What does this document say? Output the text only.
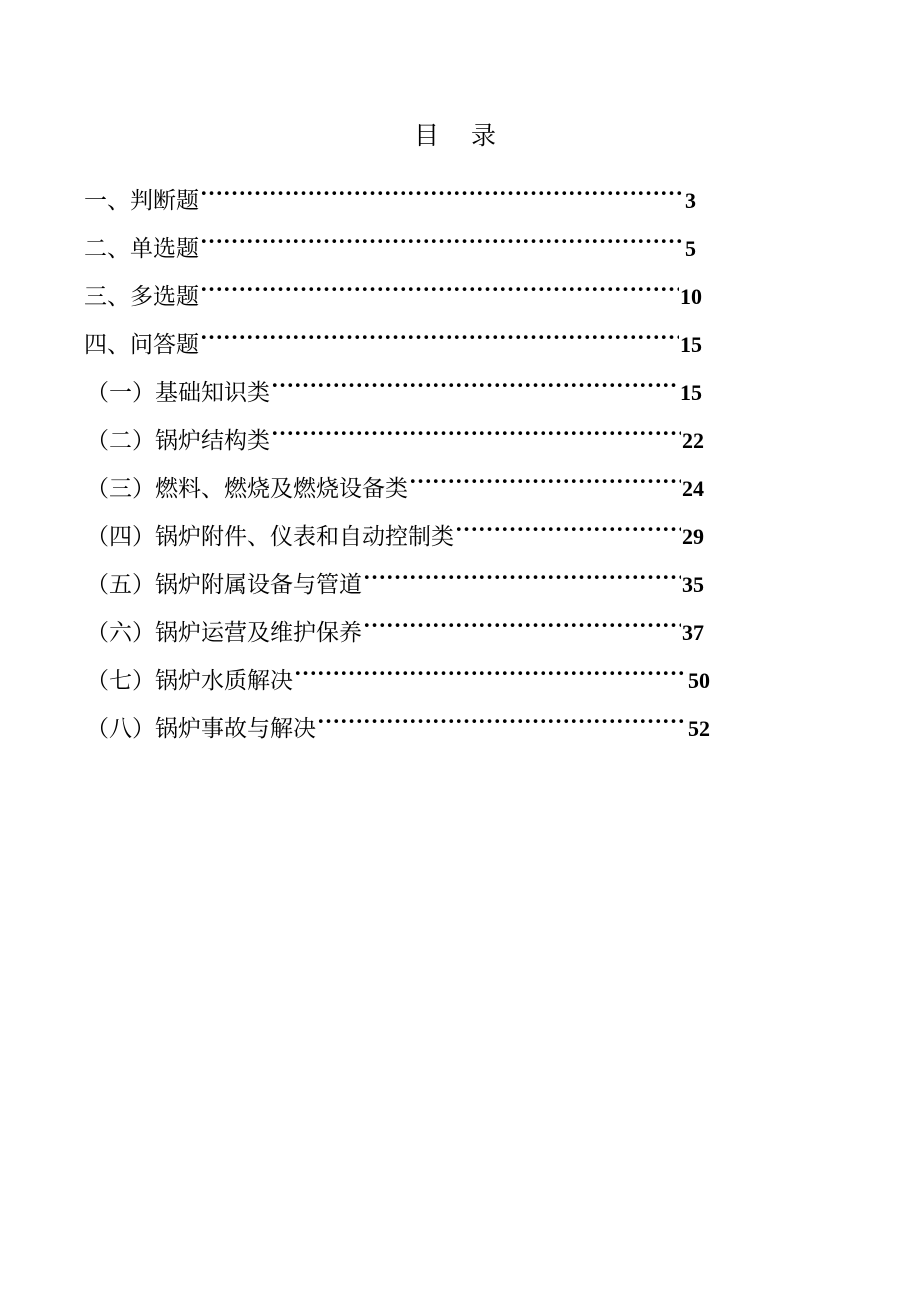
目 录
一、判断题 ………………………………………………………………………………………………………………………………………	3
二、单选题 ………………………………………………………………………………………………………………………………………	5
三、多选题 ………………………………………………………………………………………………………………………………………	10
四、问答题 ………………………………………………………………………………………………………………………………………	15
（一）基础知识类 ………………………………………………………………………………………………………………………………………	15
（二）锅炉结构类 ………………………………………………………………………………………………………………………………………	22
（三）燃料、燃烧及燃烧设备类 ………………………………………………………………………………………………………………………………………	24
（四）锅炉附件、仪表和自动控制类 ………………………………………………………………………………………………………………………………………	29
（五）锅炉附属设备与管道 ………………………………………………………………………………………………………………………………………	35
（六）锅炉运营及维护保养 ………………………………………………………………………………………………………………………………………	37
（七）锅炉水质解决 ………………………………………………………………………………………………………………………………………	50
（八）锅炉事故与解决 ………………………………………………………………………………………………………………………………………	52
